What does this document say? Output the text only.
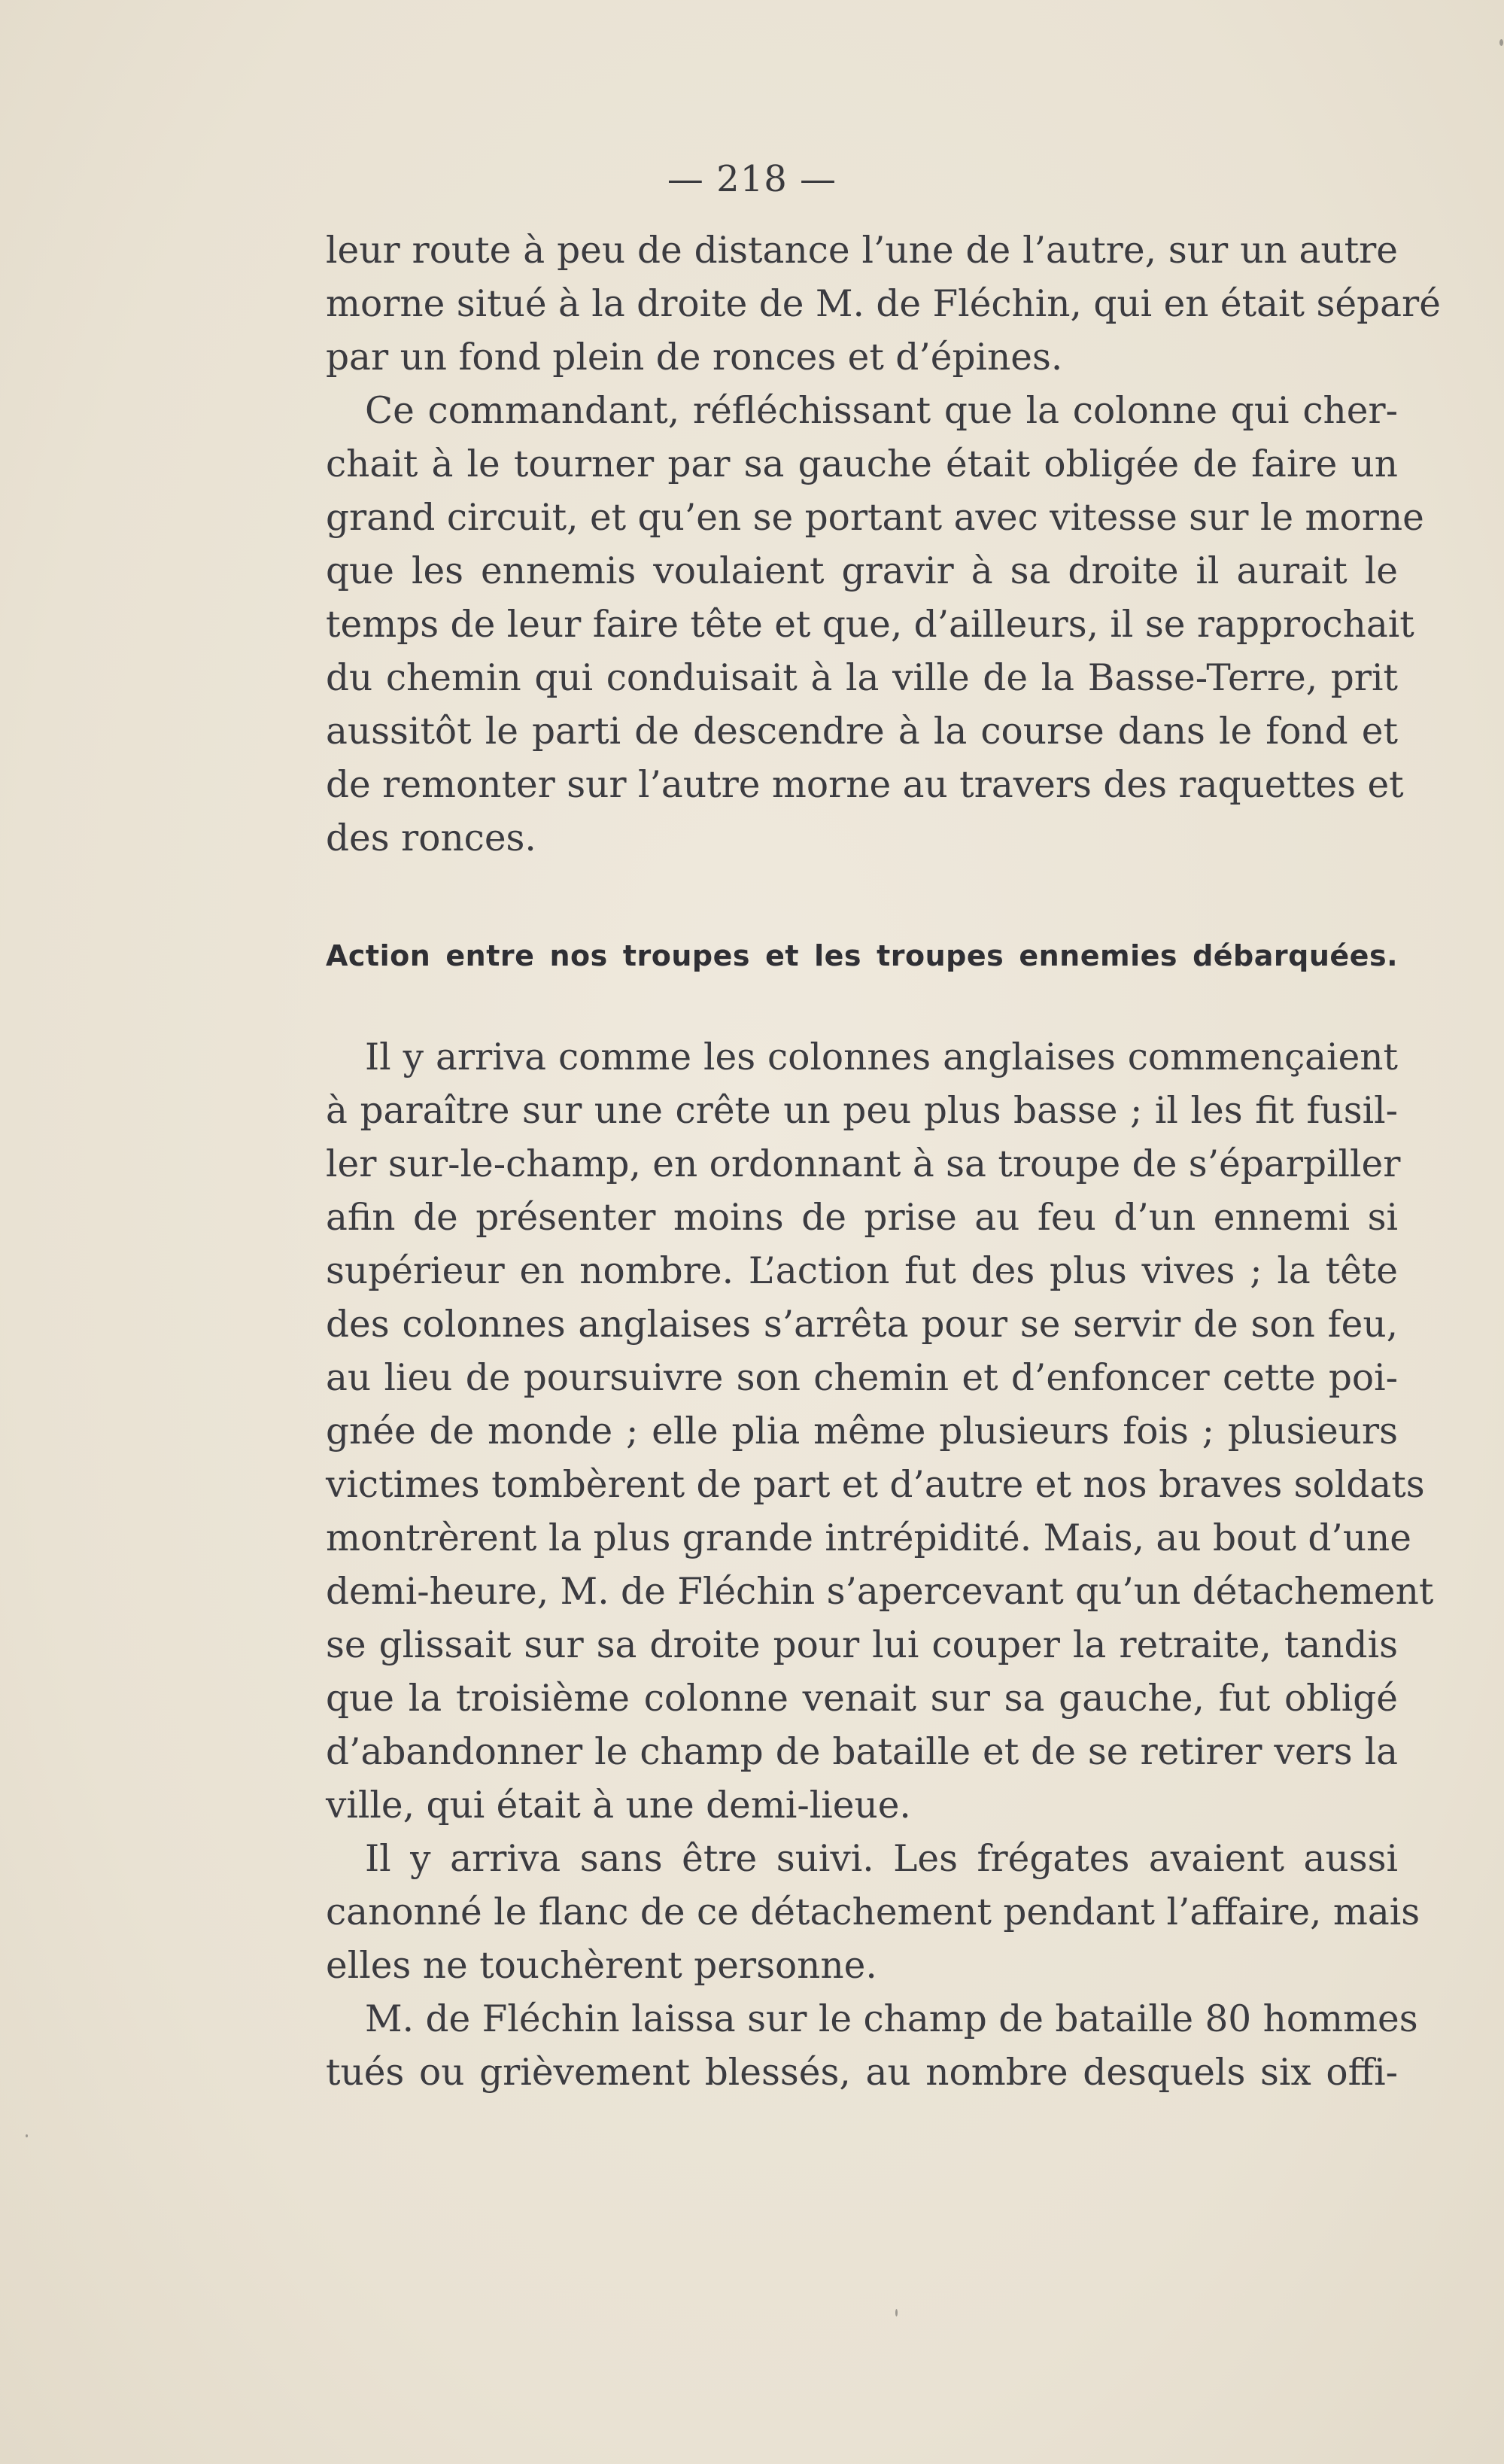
— 218 —
leur route à peu de distance l’une de l’autre, sur un autre
morne situé à la droite de M. de Fléchin, qui en était séparé
par un fond plein de ronces et d’épines.
Ce commandant, réfléchissant que la colonne qui cher-
chait à le tourner par sa gauche était obligée de faire un
grand circuit, et qu’en se portant avec vitesse sur le morne
que les ennemis voulaient gravir à sa droite il aurait le
temps de leur faire tête et que, d’ailleurs, il se rapprochait
du chemin qui conduisait à la ville de la Basse-Terre, prit
aussitôt le parti de descendre à la course dans le fond et
de remonter sur l’autre morne au travers des raquettes et
des ronces.
Action entre nos troupes et les troupes ennemies débarquées.
Il y arriva comme les colonnes anglaises commençaient
à paraître sur une crête un peu plus basse ; il les fit fusil-
ler sur-le-champ, en ordonnant à sa troupe de s’éparpiller
afin de présenter moins de prise au feu d’un ennemi si
supérieur en nombre. L’action fut des plus vives ; la tête
des colonnes anglaises s’arrêta pour se servir de son feu,
au lieu de poursuivre son chemin et d’enfoncer cette poi-
gnée de monde ; elle plia même plusieurs fois ; plusieurs
victimes tombèrent de part et d’autre et nos braves soldats
montrèrent la plus grande intrépidité. Mais, au bout d’une
demi-heure, M. de Fléchin s’apercevant qu’un détachement
se glissait sur sa droite pour lui couper la retraite, tandis
que la troisième colonne venait sur sa gauche, fut obligé
d’abandonner le champ de bataille et de se retirer vers la
ville, qui était à une demi-lieue.
Il y arriva sans être suivi. Les frégates avaient aussi
canonné le flanc de ce détachement pendant l’affaire, mais
elles ne touchèrent personne.
M. de Fléchin laissa sur le champ de bataille 80 hommes
tués ou grièvement blessés, au nombre desquels six offi-
